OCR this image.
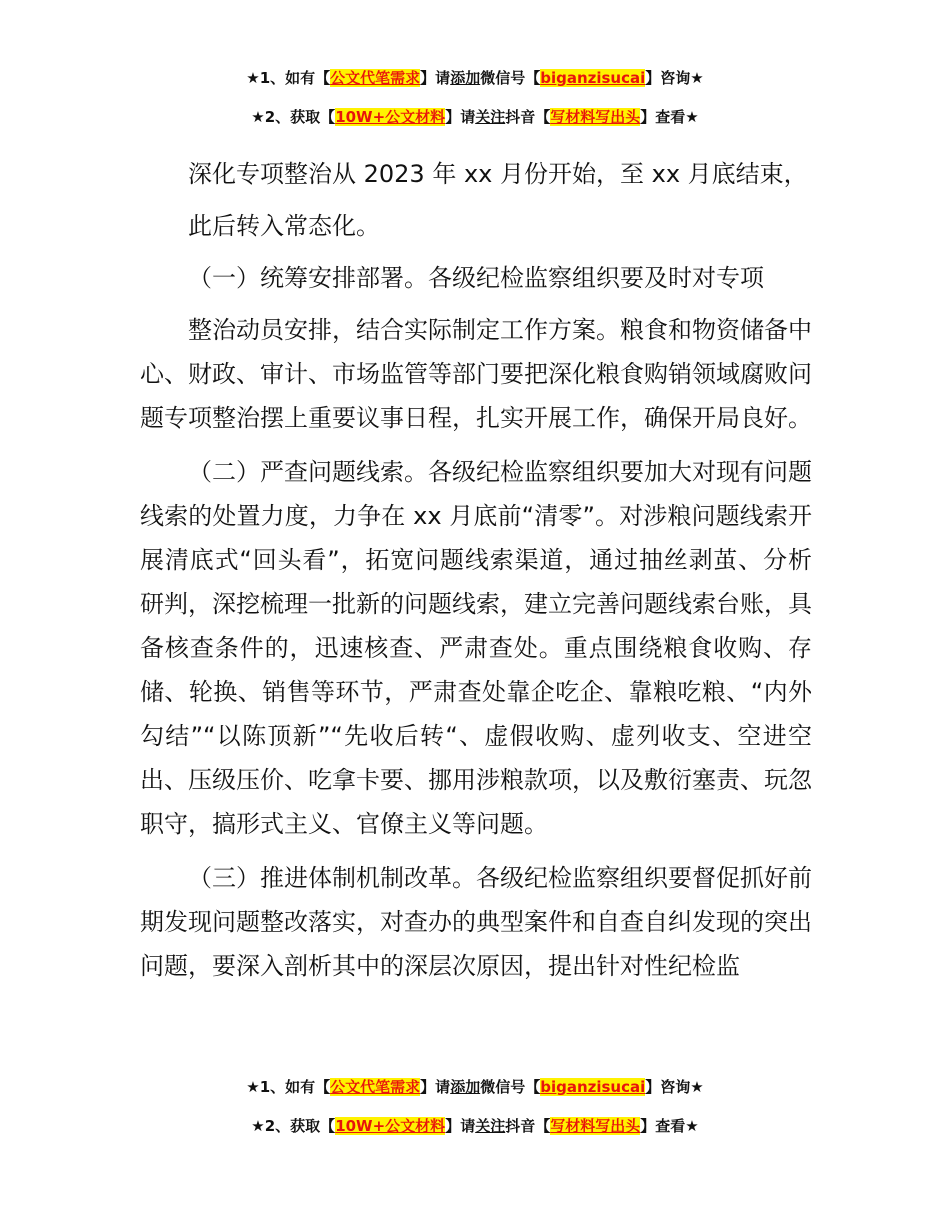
★1、如有【公文代笔需求】请添加微信号【biganzisucai】咨询★
★2、获取【10W+公文材料】请关注抖音【写材料写出头】查看★

深化专项整治从 2023 年 xx 月份开始，至 xx 月底结束，

此后转入常态化。

（一）统筹安排部署。各级纪检监察组织要及时对专项

整治动员安排，结合实际制定工作方案。粮食和物资储备中心、财政、审计、市场监管等部门要把深化粮食购销领域腐败问题专项整治摆上重要议事日程，扎实开展工作，确保开局良好。

（二）严查问题线索。各级纪检监察组织要加大对现有问题线索的处置力度，力争在 xx 月底前“清零”。对涉粮问题线索开展清底式“回头看”，拓宽问题线索渠道，通过抽丝剥茧、分析研判，深挖梳理一批新的问题线索，建立完善问题线索台账，具备核查条件的，迅速核查、严肃查处。重点围绕粮食收购、存储、轮换、销售等环节，严肃查处靠企吃企、靠粮吃粮、“内外勾结”“以陈顶新”“先收后转“、虚假收购、虚列收支、空进空出、压级压价、吃拿卡要、挪用涉粮款项，以及敷衍塞责、玩忽职守，搞形式主义、官僚主义等问题。

（三）推进体制机制改革。各级纪检监察组织要督促抓好前期发现问题整改落实，对查办的典型案件和自查自纠发现的突出问题，要深入剖析其中的深层次原因，提出针对性纪检监

★1、如有【公文代笔需求】请添加微信号【biganzisucai】咨询★
★2、获取【10W+公文材料】请关注抖音【写材料写出头】查看★
